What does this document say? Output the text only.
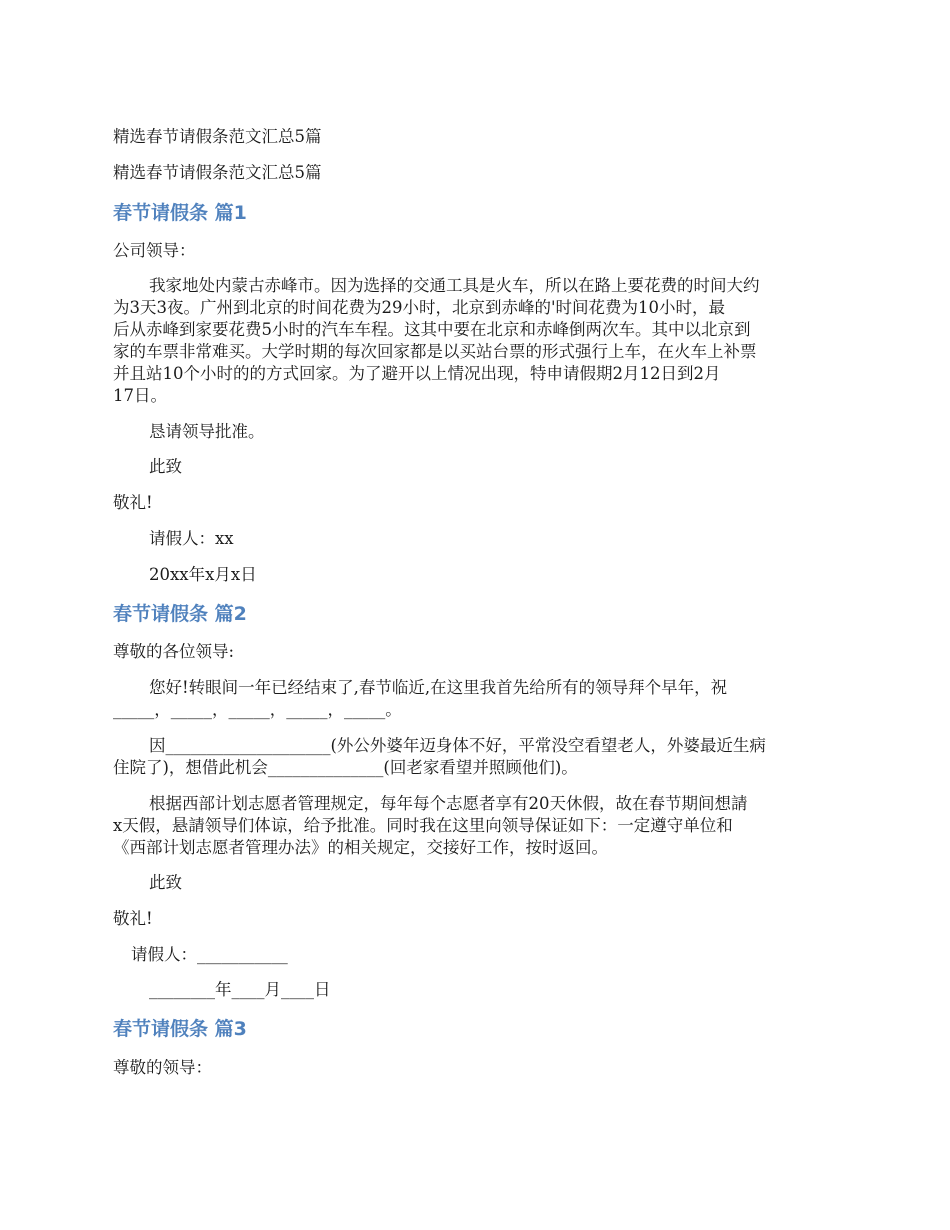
精选春节请假条范文汇总5篇
精选春节请假条范文汇总5篇
春节请假条 篇1
公司领导：
我家地处内蒙古赤峰市。因为选择的交通工具是火车，所以在路上要花费的时间大约
为3天3夜。广州到北京的时间花费为29小时，北京到赤峰的'时间花费为10小时，最
后从赤峰到家要花费5小时的汽车车程。这其中要在北京和赤峰倒两次车。其中以北京到
家的车票非常难买。大学时期的每次回家都是以买站台票的形式强行上车，在火车上补票
并且站10个小时的的方式回家。为了避开以上情况出现，特申请假期2月12日到2月
17日。
恳请领导批准。
此致
敬礼!
请假人：xx
20xx年x月x日
春节请假条 篇2
尊敬的各位领导:
您好!转眼间一年已经结束了,春节临近,在这里我首先给所有的领导拜个早年，祝
_____，_____，_____，_____，_____。
因____________________(外公外婆年迈身体不好，平常没空看望老人，外婆最近生病
住院了)，想借此机会______________(回老家看望并照顾他们)。
根据西部计划志愿者管理规定，每年每个志愿者享有20天休假，故在春节期间想請
x天假，悬請领导们体谅，给予批准。同时我在这里向领导保证如下：一定遵守单位和
《西部计划志愿者管理办法》的相关规定，交接好工作，按时返回。
此致
敬礼!
请假人：___________
________年____月____日
春节请假条 篇3
尊敬的领导：
